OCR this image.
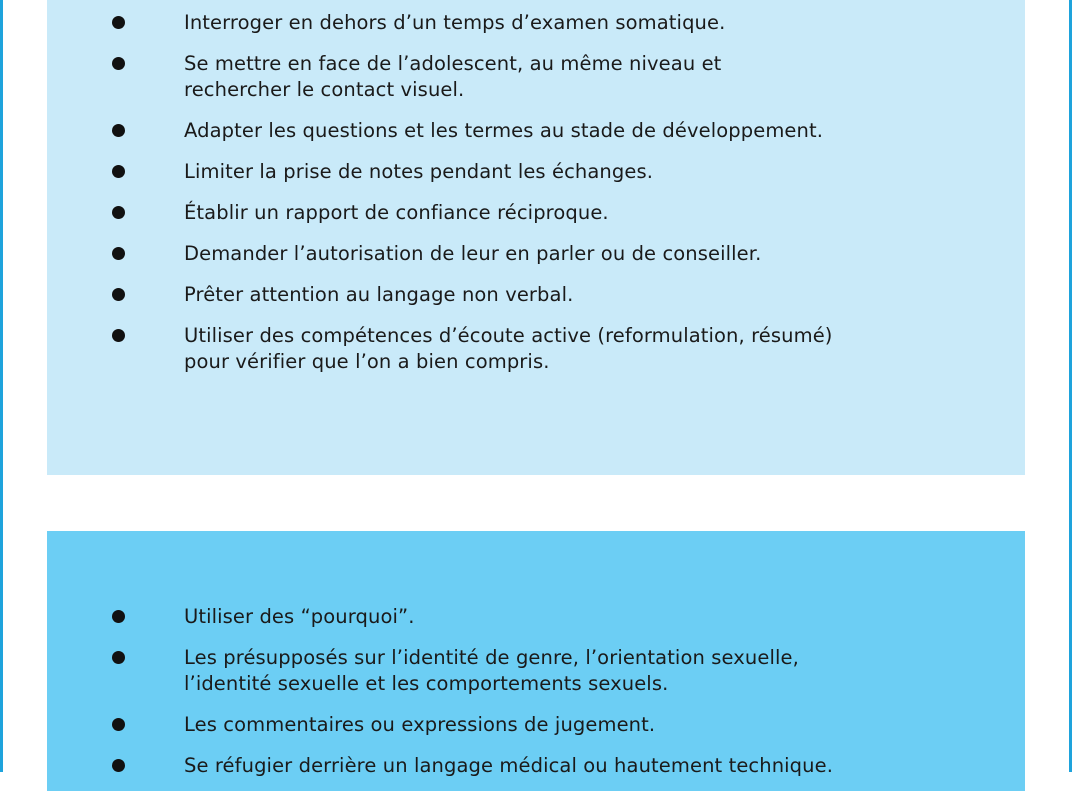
Interroger en dehors d’un temps d’examen somatique.
Se mettre en face de l’adolescent, au même niveau et rechercher le contact visuel.
Adapter les questions et les termes au stade de développement.
Limiter la prise de notes pendant les échanges.
Établir un rapport de confiance réciproque.
Demander l’autorisation de leur en parler ou de conseiller.
Prêter attention au langage non verbal.
Utiliser des compétences d’écoute active (reformulation, résumé) pour vérifier que l’on a bien compris.
Utiliser des “pourquoi”.
Les présupposés sur l’identité de genre, l’orientation sexuelle, l’identité sexuelle et les comportements sexuels.
Les commentaires ou expressions de jugement.
Se réfugier derrière un langage médical ou hautement technique.
